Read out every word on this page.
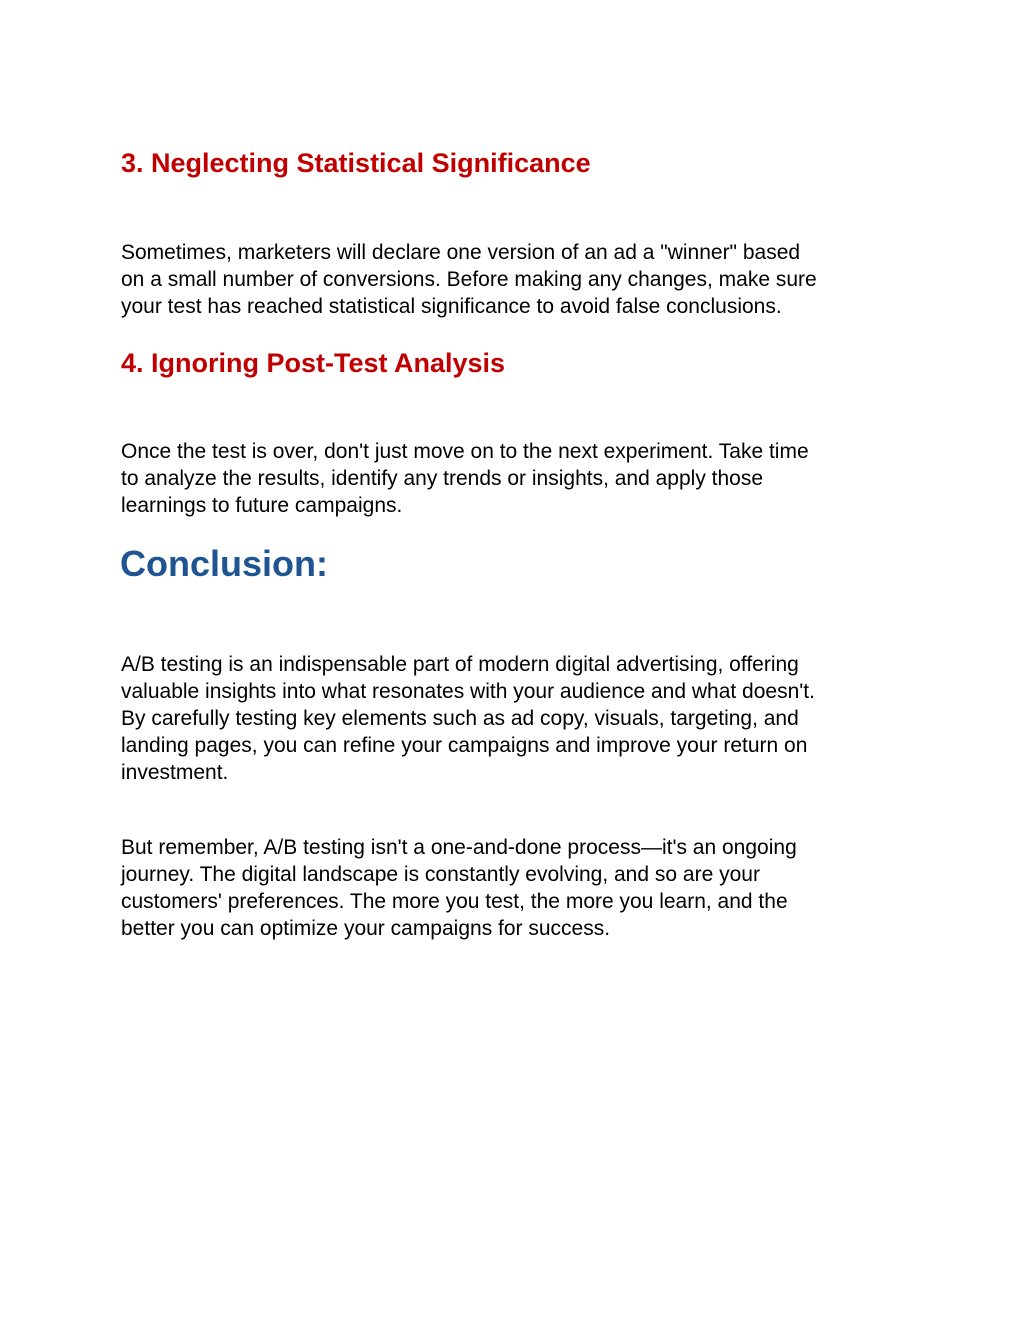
3. Neglecting Statistical Significance

Sometimes, marketers will declare one version of an ad a "winner" based
on a small number of conversions. Before making any changes, make sure
your test has reached statistical significance to avoid false conclusions.

4. Ignoring Post-Test Analysis

Once the test is over, don't just move on to the next experiment. Take time
to analyze the results, identify any trends or insights, and apply those
learnings to future campaigns.

Conclusion:

A/B testing is an indispensable part of modern digital advertising, offering
valuable insights into what resonates with your audience and what doesn't.
By carefully testing key elements such as ad copy, visuals, targeting, and
landing pages, you can refine your campaigns and improve your return on
investment.

But remember, A/B testing isn't a one-and-done process—it's an ongoing
journey. The digital landscape is constantly evolving, and so are your
customers' preferences. The more you test, the more you learn, and the
better you can optimize your campaigns for success.
